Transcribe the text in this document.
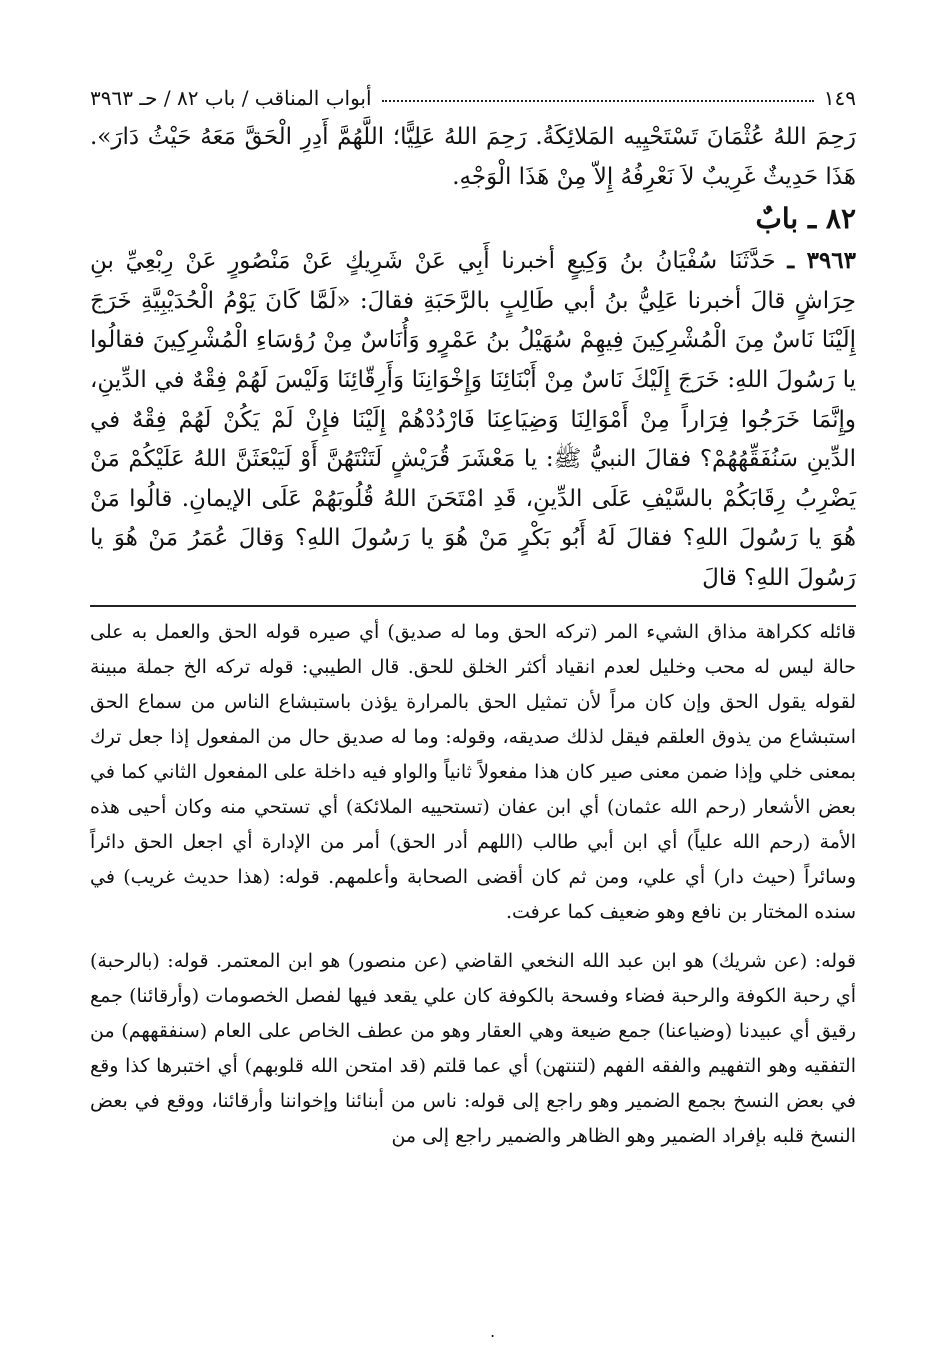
١٤٩
أبواب المناقب / باب ٨٢ / حـ ٣٩٦٣

رَحِمَ اللهُ عُثْمَانَ تَسْتَحْيِيه المَلائِكَةُ. رَحِمَ اللهُ عَلِيًّا؛ اللَّهُمَّ أَدِرِ الْحَقَّ مَعَهُ حَيْثُ دَارَ». هَذَا حَدِيثٌ غَرِيبٌ لاَ نَعْرِفُهُ إِلاّ مِنْ هَذَا الْوَجْهِ.

٨٢ ـ بابٌ

٣٩٦٣ ـ حَدَّثَنَا سُفْيَانُ بنُ وَكِيعٍ أخبرنا أَبِي عَنْ شَرِيكٍ عَنْ مَنْصُورٍ عَنْ رِبْعِيِّ بنِ حِرَاشٍ قالَ أخبرنا عَلِيُّ بنُ أبي طَالِبٍ بالرَّحَبَةِ فقالَ: «لَمَّا كَانَ يَوْمُ الْحُدَيْبِيَّةِ خَرَجَ إِلَيْنَا نَاسٌ مِنَ الْمُشْرِكِينَ فِيهِمْ سُهَيْلُ بنُ عَمْرٍو وَأُنَاسٌ مِنْ رُؤسَاءِ الْمُشْرِكِينَ فقالُوا يا رَسُولَ اللهِ: خَرَجَ إِلَيْكَ نَاسٌ مِنْ أَبْنَائِنَا وَإِخْوَانِنَا وَأَرِقّائِنَا وَلَيْسَ لَهُمْ فِقْهٌ في الدِّينِ، وإِنَّمَا خَرَجُوا فِرَاراً مِنْ أَمْوَالِنَا وَضِيَاعِنَا فَارْدُدْهُمْ إِلَيْنَا فإِنْ لَمْ يَكُنْ لَهُمْ فِقْهٌ في الدِّينِ سَنُفَقِّهُهُمْ؟ فقالَ النبيُّ ﷺ: يا مَعْشَرَ قُرَيْشٍ لَتَنْتَهُنَّ أَوْ لَيَبْعَثَنَّ اللهُ عَلَيْكُمْ مَنْ يَضْرِبُ رِقَابَكُمْ بالسَّيْفِ عَلَى الدِّينِ، قَدِ امْتَحَنَ اللهُ قُلُوبَهُمْ عَلَى الإيمانِ. قالُوا مَنْ هُوَ يا رَسُولَ اللهِ؟ فقالَ لَهُ أَبُو بَكْرٍ مَنْ هُوَ يا رَسُولَ اللهِ؟ وَقالَ عُمَرُ مَنْ هُوَ يا رَسُولَ اللهِ؟ قالَ

قائله ككراهة مذاق الشيء المر (تركه الحق وما له صديق) أي صيره قوله الحق والعمل به على حالة ليس له محب وخليل لعدم انقياد أكثر الخلق للحق. قال الطيبي: قوله تركه الخ جملة مبينة لقوله يقول الحق وإن كان مراً لأن تمثيل الحق بالمرارة يؤذن باستبشاع الناس من سماع الحق استبشاع من يذوق العلقم فيقل لذلك صديقه، وقوله: وما له صديق حال من المفعول إذا جعل ترك بمعنى خلي وإذا ضمن معنى صير كان هذا مفعولاً ثانياً والواو فيه داخلة على المفعول الثاني كما في بعض الأشعار (رحم الله عثمان) أي ابن عفان (تستحييه الملائكة) أي تستحي منه وكان أحيى هذه الأمة (رحم الله علياً) أي ابن أبي طالب (اللهم أدر الحق) أمر من الإدارة أي اجعل الحق دائراً وسائراً (حيث دار) أي علي، ومن ثم كان أقضى الصحابة وأعلمهم. قوله: (هذا حديث غريب) في سنده المختار بن نافع وهو ضعيف كما عرفت.

قوله: (عن شريك) هو ابن عبد الله النخعي القاضي (عن منصور) هو ابن المعتمر. قوله: (بالرحبة) أي رحبة الكوفة والرحبة فضاء وفسحة بالكوفة كان علي يقعد فيها لفصل الخصومات (وأرقائنا) جمع رقيق أي عبيدنا (وضياعنا) جمع ضيعة وهي العقار وهو من عطف الخاص على العام (سنفقههم) من التفقيه وهو التفهيم والفقه الفهم (لتنتهن) أي عما قلتم (قد امتحن الله قلوبهم) أي اختبرها كذا وقع في بعض النسخ بجمع الضمير وهو راجع إلى قوله: ناس من أبنائنا وإخواننا وأرقائنا، ووقع في بعض النسخ قلبه بإفراد الضمير وهو الظاهر والضمير راجع إلى من

.
